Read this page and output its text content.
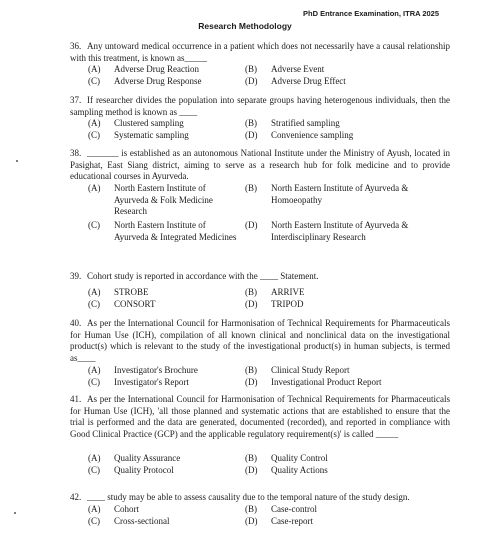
PhD Entrance Examination, ITRA 2025
Research Methodology
36. Any untoward medical occurrence in a patient which does not necessarily have a causal relationship with this treatment, is known as_____
(A) Adverse Drug Reaction	(B) Adverse Event
(C) Adverse Drug Response	(D) Adverse Drug Effect
37. If researcher divides the population into separate groups having heterogenous individuals, then the sampling method is known as ____
(A) Clustered sampling	(B) Stratified sampling
(C) Systematic sampling	(D) Convenience sampling
38. _______ is established as an autonomous National Institute under the Ministry of Ayush, located in Pasighat, East Siang district, aiming to serve as a research hub for folk medicine and to provide educational courses in Ayurveda.
(A) North Eastern Institute of Ayurveda & Folk Medicine Research
(B) North Eastern Institute of Ayurveda & Homoeopathy
(C) North Eastern Institute of Ayurveda & Integrated Medicines
(D) North Eastern Institute of Ayurveda & Interdisciplinary Research
39. Cohort study is reported in accordance with the ____ Statement.
(A) STROBE	(B) ARRIVE
(C) CONSORT	(D) TRIPOD
40. As per the International Council for Harmonisation of Technical Requirements for Pharmaceuticals for Human Use (ICH), compilation of all known clinical and nonclinical data on the investigational product(s) which is relevant to the study of the investigational product(s) in human subjects, is termed as____
(A) Investigator's Brochure	(B) Clinical Study Report
(C) Investigator's Report	(D) Investigational Product Report
41. As per the International Council for Harmonisation of Technical Requirements for Pharmaceuticals for Human Use (ICH), 'all those planned and systematic actions that are established to ensure that the trial is performed and the data are generated, documented (recorded), and reported in compliance with Good Clinical Practice (GCP) and the applicable regulatory requirement(s)' is called _____
(A) Quality Assurance	(B) Quality Control
(C) Quality Protocol	(D) Quality Actions
42. ____ study may be able to assess causality due to the temporal nature of the study design.
(A) Cohort	(B) Case-control
(C) Cross-sectional	(D) Case-report
